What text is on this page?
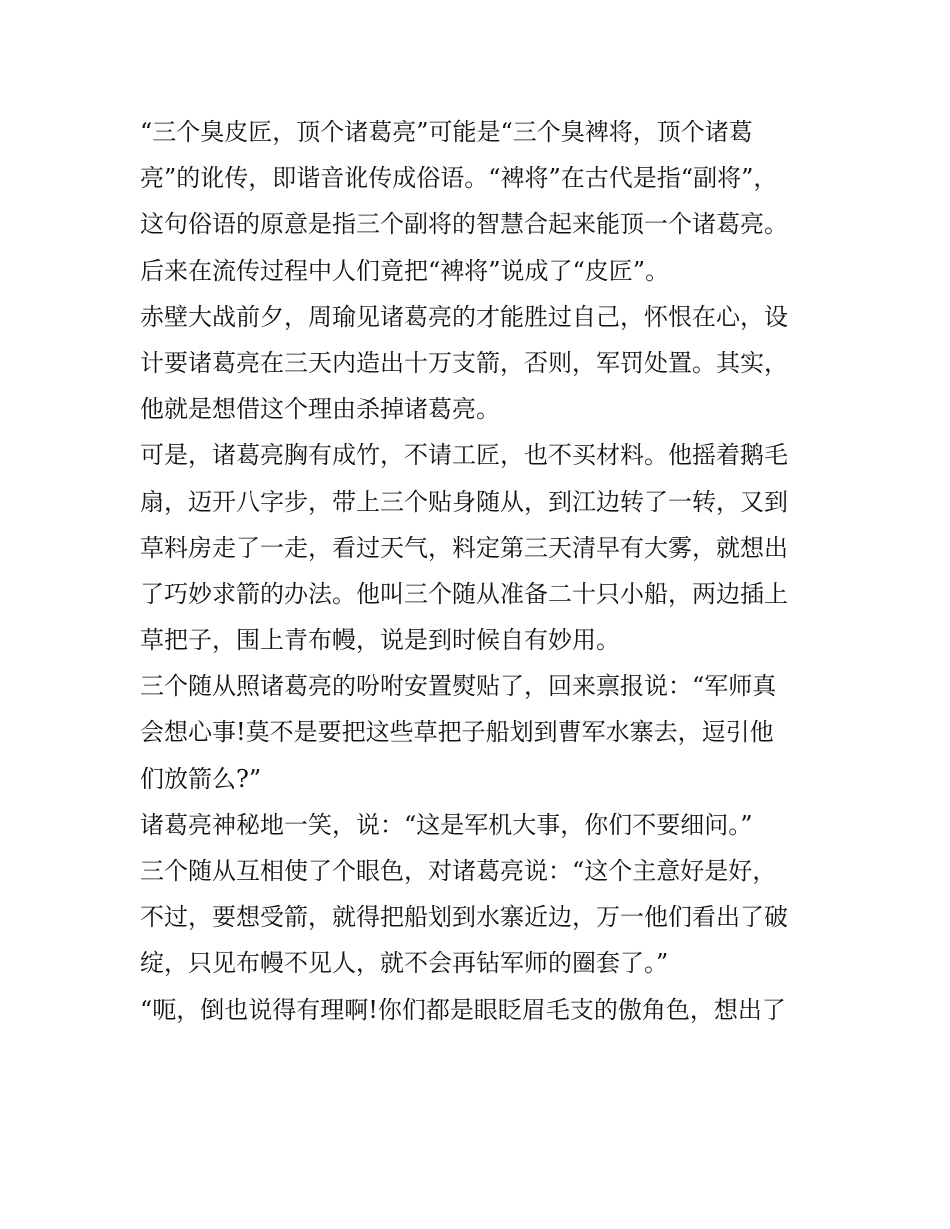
“三个臭皮匠，顶个诸葛亮”可能是“三个臭裨将，顶个诸葛
亮”的讹传，即谐音讹传成俗语。“裨将”在古代是指“副将”，
这句俗语的原意是指三个副将的智慧合起来能顶一个诸葛亮。
后来在流传过程中人们竟把“裨将”说成了“皮匠”。
赤壁大战前夕，周瑜见诸葛亮的才能胜过自己，怀恨在心，设
计要诸葛亮在三天内造出十万支箭，否则，军罚处置。其实，
他就是想借这个理由杀掉诸葛亮。
可是，诸葛亮胸有成竹，不请工匠，也不买材料。他摇着鹅毛
扇，迈开八字步，带上三个贴身随从，到江边转了一转，又到
草料房走了一走，看过天气，料定第三天清早有大雾，就想出
了巧妙求箭的办法。他叫三个随从准备二十只小船，两边插上
草把子，围上青布幔，说是到时候自有妙用。
三个随从照诸葛亮的吩咐安置熨贴了，回来禀报说：“军师真
会想心事!莫不是要把这些草把子船划到曹军水寨去，逗引他
们放箭么?”
诸葛亮神秘地一笑，说：“这是军机大事，你们不要细问。”
三个随从互相使了个眼色，对诸葛亮说：“这个主意好是好，
不过，要想受箭，就得把船划到水寨近边，万一他们看出了破
绽，只见布幔不见人，就不会再钻军师的圈套了。”
“呃，倒也说得有理啊!你们都是眼眨眉毛支的傲角色，想出了
